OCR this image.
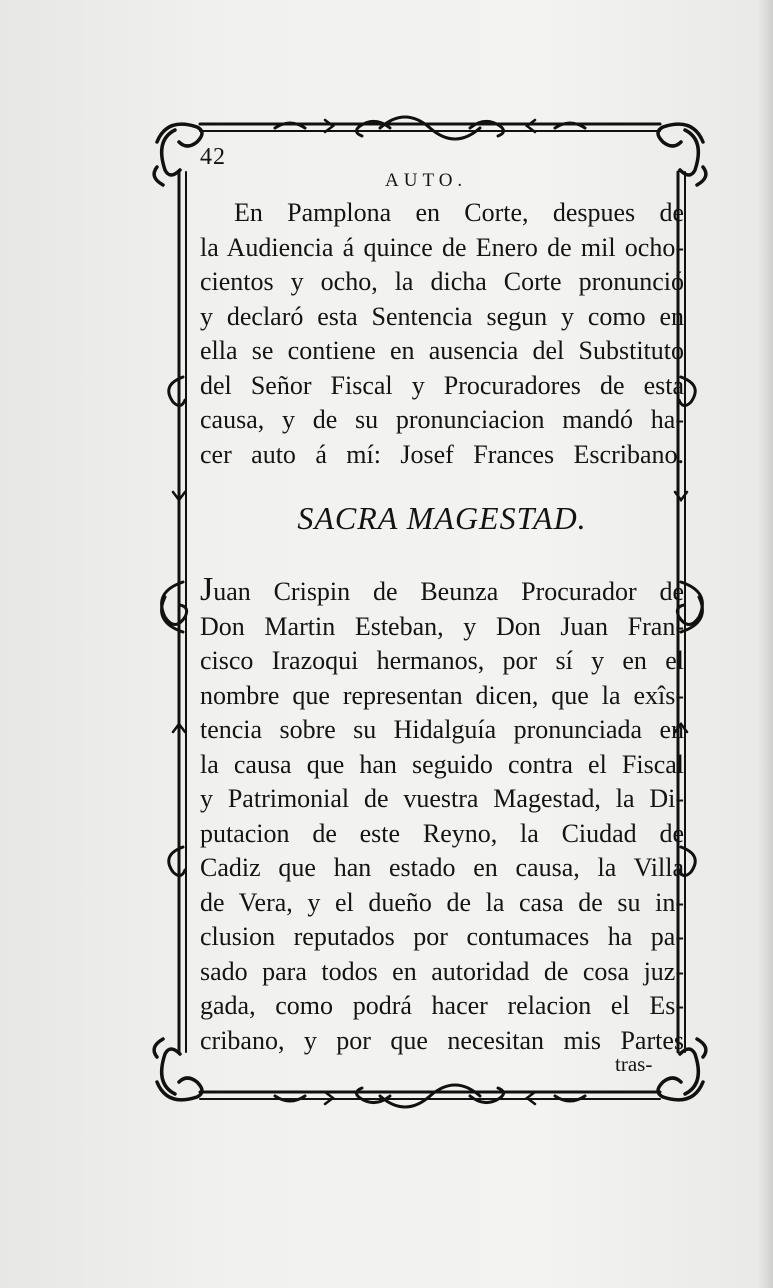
42
AUTO.
En Pamplona en Corte, despues de
la Audiencia á quince de Enero de mil ocho-
cientos y ocho, la dicha Corte pronunció
y declaró esta Sentencia segun y como en
ella se contiene en ausencia del Substituto
del Señor Fiscal y Procuradores de esta
causa, y de su pronunciacion mandó ha-
cer auto á mí: Josef Frances Escribano.
SACRA MAGESTAD.
Juan Crispin de Beunza Procurador de
Don Martin Esteban, y Don Juan Fran-
cisco Irazoqui hermanos, por sí y en el
nombre que representan dicen, que la exîs-
tencia sobre su Hidalguía pronunciada en
la causa que han seguido contra el Fiscal
y Patrimonial de vuestra Magestad, la Di-
putacion de este Reyno, la Ciudad de
Cadiz que han estado en causa, la Villa
de Vera, y el dueño de la casa de su in-
clusion reputados por contumaces ha pa-
sado para todos en autoridad de cosa juz-
gada, como podrá hacer relacion el Es-
cribano, y por que necesitan mis Partes
tras-
